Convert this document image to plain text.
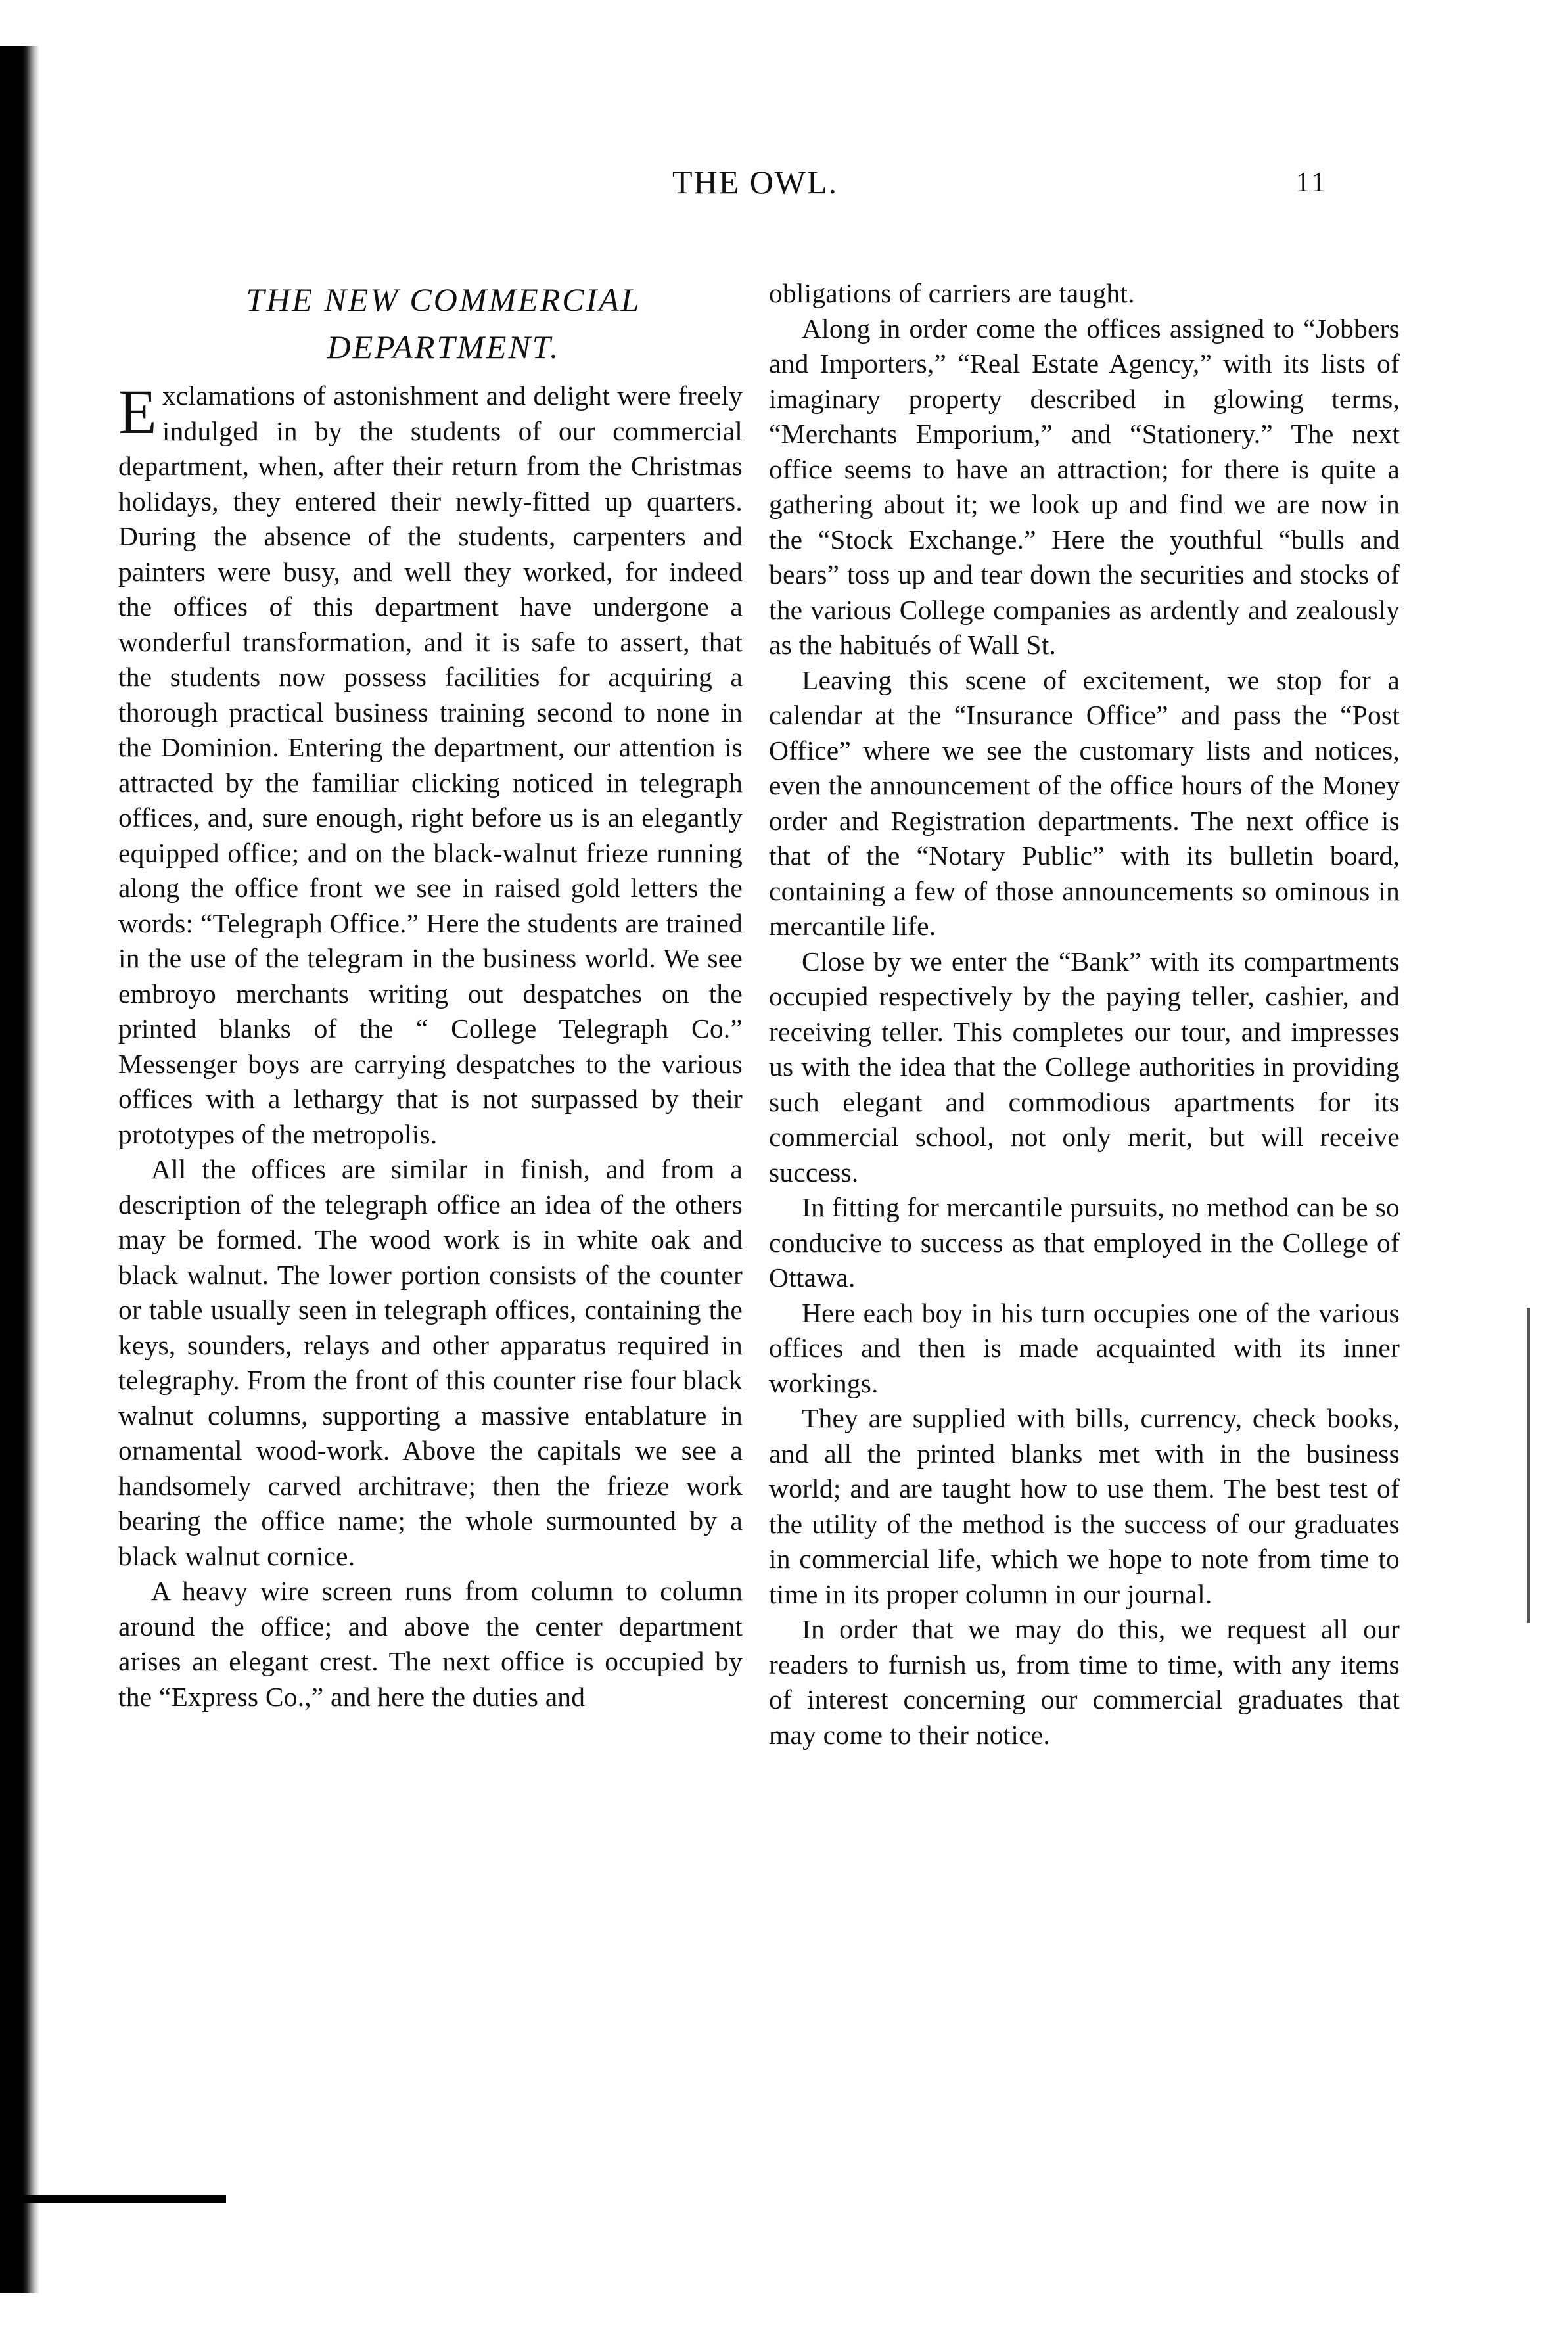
THE OWL.	11
THE NEW COMMERCIAL
DEPARTMENT.

Exclamations of astonishment and delight were freely indulged in by the students of our commercial department, when, after their return from the Christmas holidays, they entered their newly-fitted up quarters. During the absence of the students, carpenters and painters were busy, and well they worked, for indeed the offices of this department have undergone a wonderful transformation, and it is safe to assert, that the students now possess facilities for acquiring a thorough practical business training second to none in the Dominion. Entering the department, our attention is attracted by the familiar clicking noticed in telegraph offices, and, sure enough, right before us is an elegantly equipped office; and on the black-walnut frieze running along the office front we see in raised gold letters the words: “Telegraph Office.” Here the students are trained in the use of the telegram in the business world. We see embroyo merchants writing out despatches on the printed blanks of the “ College Telegraph Co.” Messenger boys are carrying despatches to the various offices with a lethargy that is not surpassed by their prototypes of the metropolis.

All the offices are similar in finish, and from a description of the telegraph office an idea of the others may be formed. The wood work is in white oak and black walnut. The lower portion consists of the counter or table usually seen in telegraph offices, containing the keys, sounders, relays and other apparatus required in telegraphy. From the front of this counter rise four black walnut columns, supporting a massive entablature in ornamental wood-work. Above the capitals we see a handsomely carved architrave; then the frieze work bearing the office name; the whole surmounted by a black walnut cornice.

A heavy wire screen runs from column to column around the office; and above the center department arises an elegant crest. The next office is occupied by the “Express Co.,” and here the duties and

obligations of carriers are taught.

Along in order come the offices assigned to “Jobbers and Importers,” “Real Estate Agency,” with its lists of imaginary property described in glowing terms, “Merchants Emporium,” and “Stationery.” The next office seems to have an attraction; for there is quite a gathering about it; we look up and find we are now in the “Stock Exchange.” Here the youthful “bulls and bears” toss up and tear down the securities and stocks of the various College companies as ardently and zealously as the habitués of Wall St.

Leaving this scene of excitement, we stop for a calendar at the “Insurance Office” and pass the “Post Office” where we see the customary lists and notices, even the announcement of the office hours of the Money order and Registration departments. The next office is that of the “Notary Public” with its bulletin board, containing a few of those announcements so ominous in mercantile life.

Close by we enter the “Bank” with its compartments occupied respectively by the paying teller, cashier, and receiving teller. This completes our tour, and impresses us with the idea that the College authorities in providing such elegant and commodious apartments for its commercial school, not only merit, but will receive success.

In fitting for mercantile pursuits, no method can be so conducive to success as that employed in the College of Ottawa.

Here each boy in his turn occupies one of the various offices and then is made acquainted with its inner workings.

They are supplied with bills, currency, check books, and all the printed blanks met with in the business world; and are taught how to use them. The best test of the utility of the method is the success of our graduates in commercial life, which we hope to note from time to time in its proper column in our journal.

In order that we may do this, we request all our readers to furnish us, from time to time, with any items of interest concerning our commercial graduates that may come to their notice.
